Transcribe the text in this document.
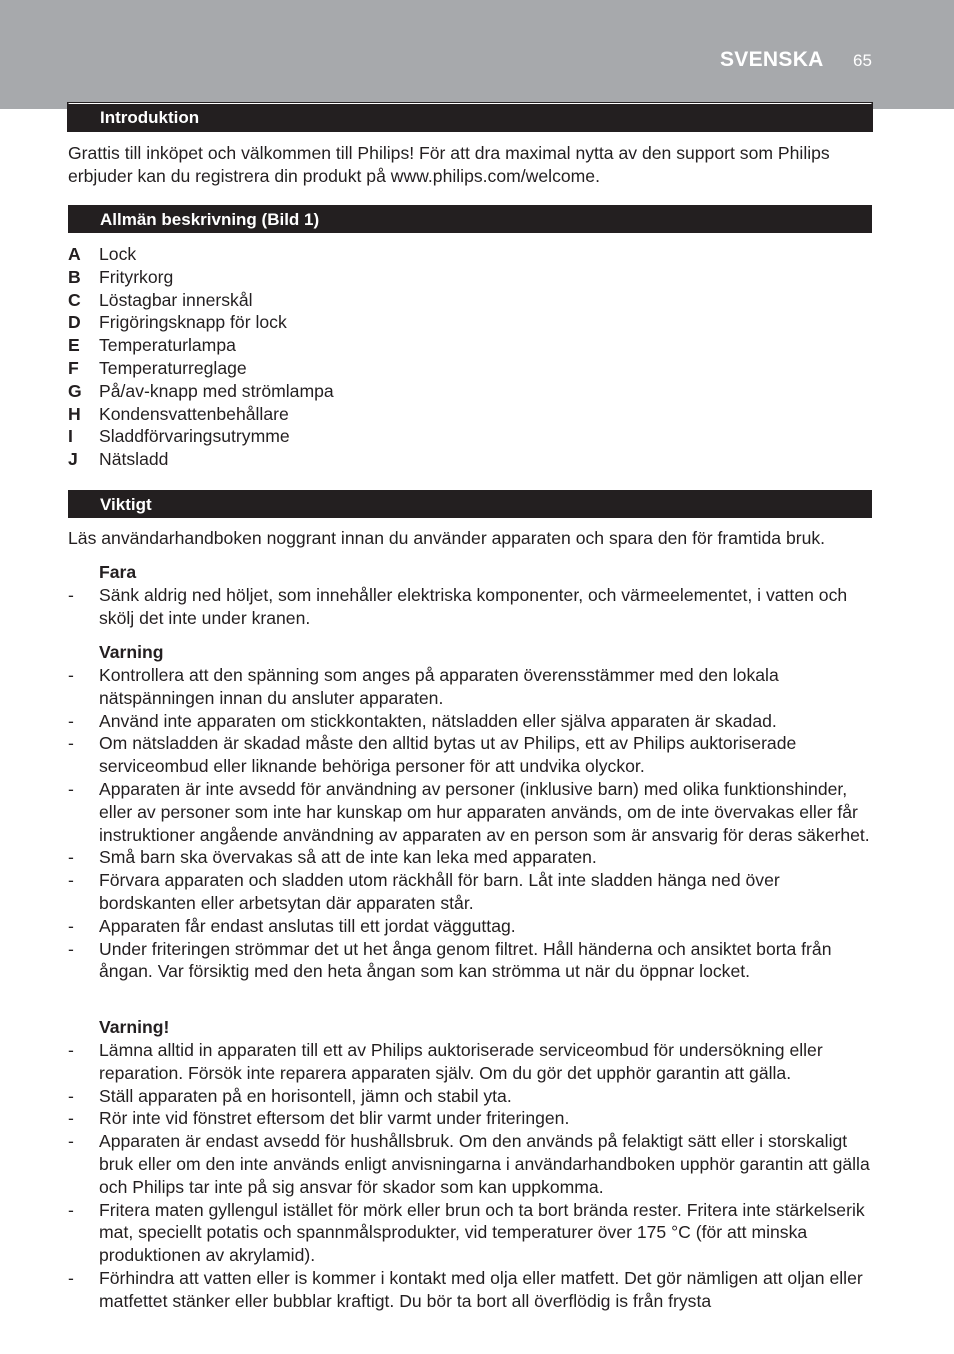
SVENSKA 65
Introduktion
Grattis till inköpet och välkommen till Philips! För att dra maximal nytta av den support som Philips erbjuder kan du registrera din produkt på www.philips.com/welcome.
Allmän beskrivning (Bild 1)
A	Lock
B	Frityrkorg
C	Löstagbar innerskål
D	Frigöringsknapp för lock
E	Temperaturlampa
F	Temperaturreglage
G På/av-knapp med strömlampa
H	Kondensvattenbehållare
I	Sladdförvaringsutrymme
J	Nätsladd
Viktigt
Läs användarhandboken noggrant innan du använder apparaten och spara den för framtida bruk.
Fara
-	Sänk aldrig ned höljet, som innehåller elektriska komponenter, och värmeelementet, i vatten och skölj det inte under kranen.
Varning
-	Kontrollera att den spänning som anges på apparaten överensstämmer med den lokala nätspänningen innan du ansluter apparaten.
-	Använd inte apparaten om stickkontakten, nätsladden eller själva apparaten är skadad.
-	Om nätsladden är skadad måste den alltid bytas ut av Philips, ett av Philips auktoriserade serviceombud eller liknande behöriga personer för att undvika olyckor.
-	Apparaten är inte avsedd för användning av personer (inklusive barn) med olika funktionshinder, eller av personer som inte har kunskap om hur apparaten används, om de inte övervakas eller får instruktioner angående användning av apparaten av en person som är ansvarig för deras säkerhet.
-	Små barn ska övervakas så att de inte kan leka med apparaten.
-	Förvara apparaten och sladden utom räckhåll för barn. Låt inte sladden hänga ned över bordskanten eller arbetsytan där apparaten står.
-	Apparaten får endast anslutas till ett jordat vägguttag.
-	Under friteringen strömmar det ut het ånga genom filtret. Håll händerna och ansiktet borta från ångan. Var försiktig med den heta ångan som kan strömma ut när du öppnar locket.
Varning!
-	Lämna alltid in apparaten till ett av Philips auktoriserade serviceombud för undersökning eller reparation. Försök inte reparera apparaten själv. Om du gör det upphör garantin att gälla.
-	Ställ apparaten på en horisontell, jämn och stabil yta.
-	Rör inte vid fönstret eftersom det blir varmt under friteringen.
-	Apparaten är endast avsedd för hushållsbruk. Om den används på felaktigt sätt eller i storskaligt bruk eller om den inte används enligt anvisningarna i användarhandboken upphör garantin att gälla och Philips tar inte på sig ansvar för skador som kan uppkomma.
-	Fritera maten gyllengul istället för mörk eller brun och ta bort brända rester. Fritera inte stärkelserik mat, speciellt potatis och spannmålsprodukter, vid temperaturer över 175 °C (för att minska produktionen av akrylamid).
-	Förhindra att vatten eller is kommer i kontakt med olja eller matfett. Det gör nämligen att oljan eller matfettet stänker eller bubblar kraftigt. Du bör ta bort all överflödig is från frysta
